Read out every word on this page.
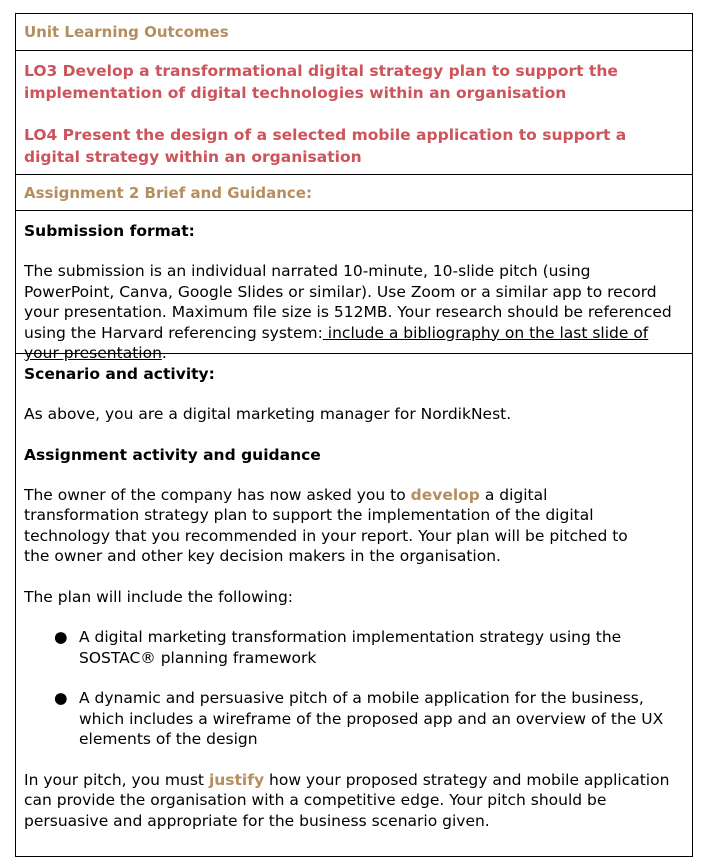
Unit Learning Outcomes
LO3 Develop a transformational digital strategy plan to support the implementation of digital technologies within an organisation
LO4 Present the design of a selected mobile application to support a digital strategy within an organisation
Assignment 2 Brief and Guidance:
Submission format:
The submission is an individual narrated 10-minute, 10-slide pitch (using PowerPoint, Canva, Google Slides or similar). Use Zoom or a similar app to record your presentation. Maximum file size is 512MB. Your research should be referenced using the Harvard referencing system: include a bibliography on the last slide of your presentation.
Scenario and activity:
As above, you are a digital marketing manager for NordikNest.
Assignment activity and guidance
The owner of the company has now asked you to develop a digital transformation strategy plan to support the implementation of the digital technology that you recommended in your report. Your plan will be pitched to the owner and other key decision makers in the organisation.
The plan will include the following:
● A digital marketing transformation implementation strategy using the SOSTAC® planning framework
● A dynamic and persuasive pitch of a mobile application for the business, which includes a wireframe of the proposed app and an overview of the UX elements of the design
In your pitch, you must justify how your proposed strategy and mobile application can provide the organisation with a competitive edge. Your pitch should be persuasive and appropriate for the business scenario given.
